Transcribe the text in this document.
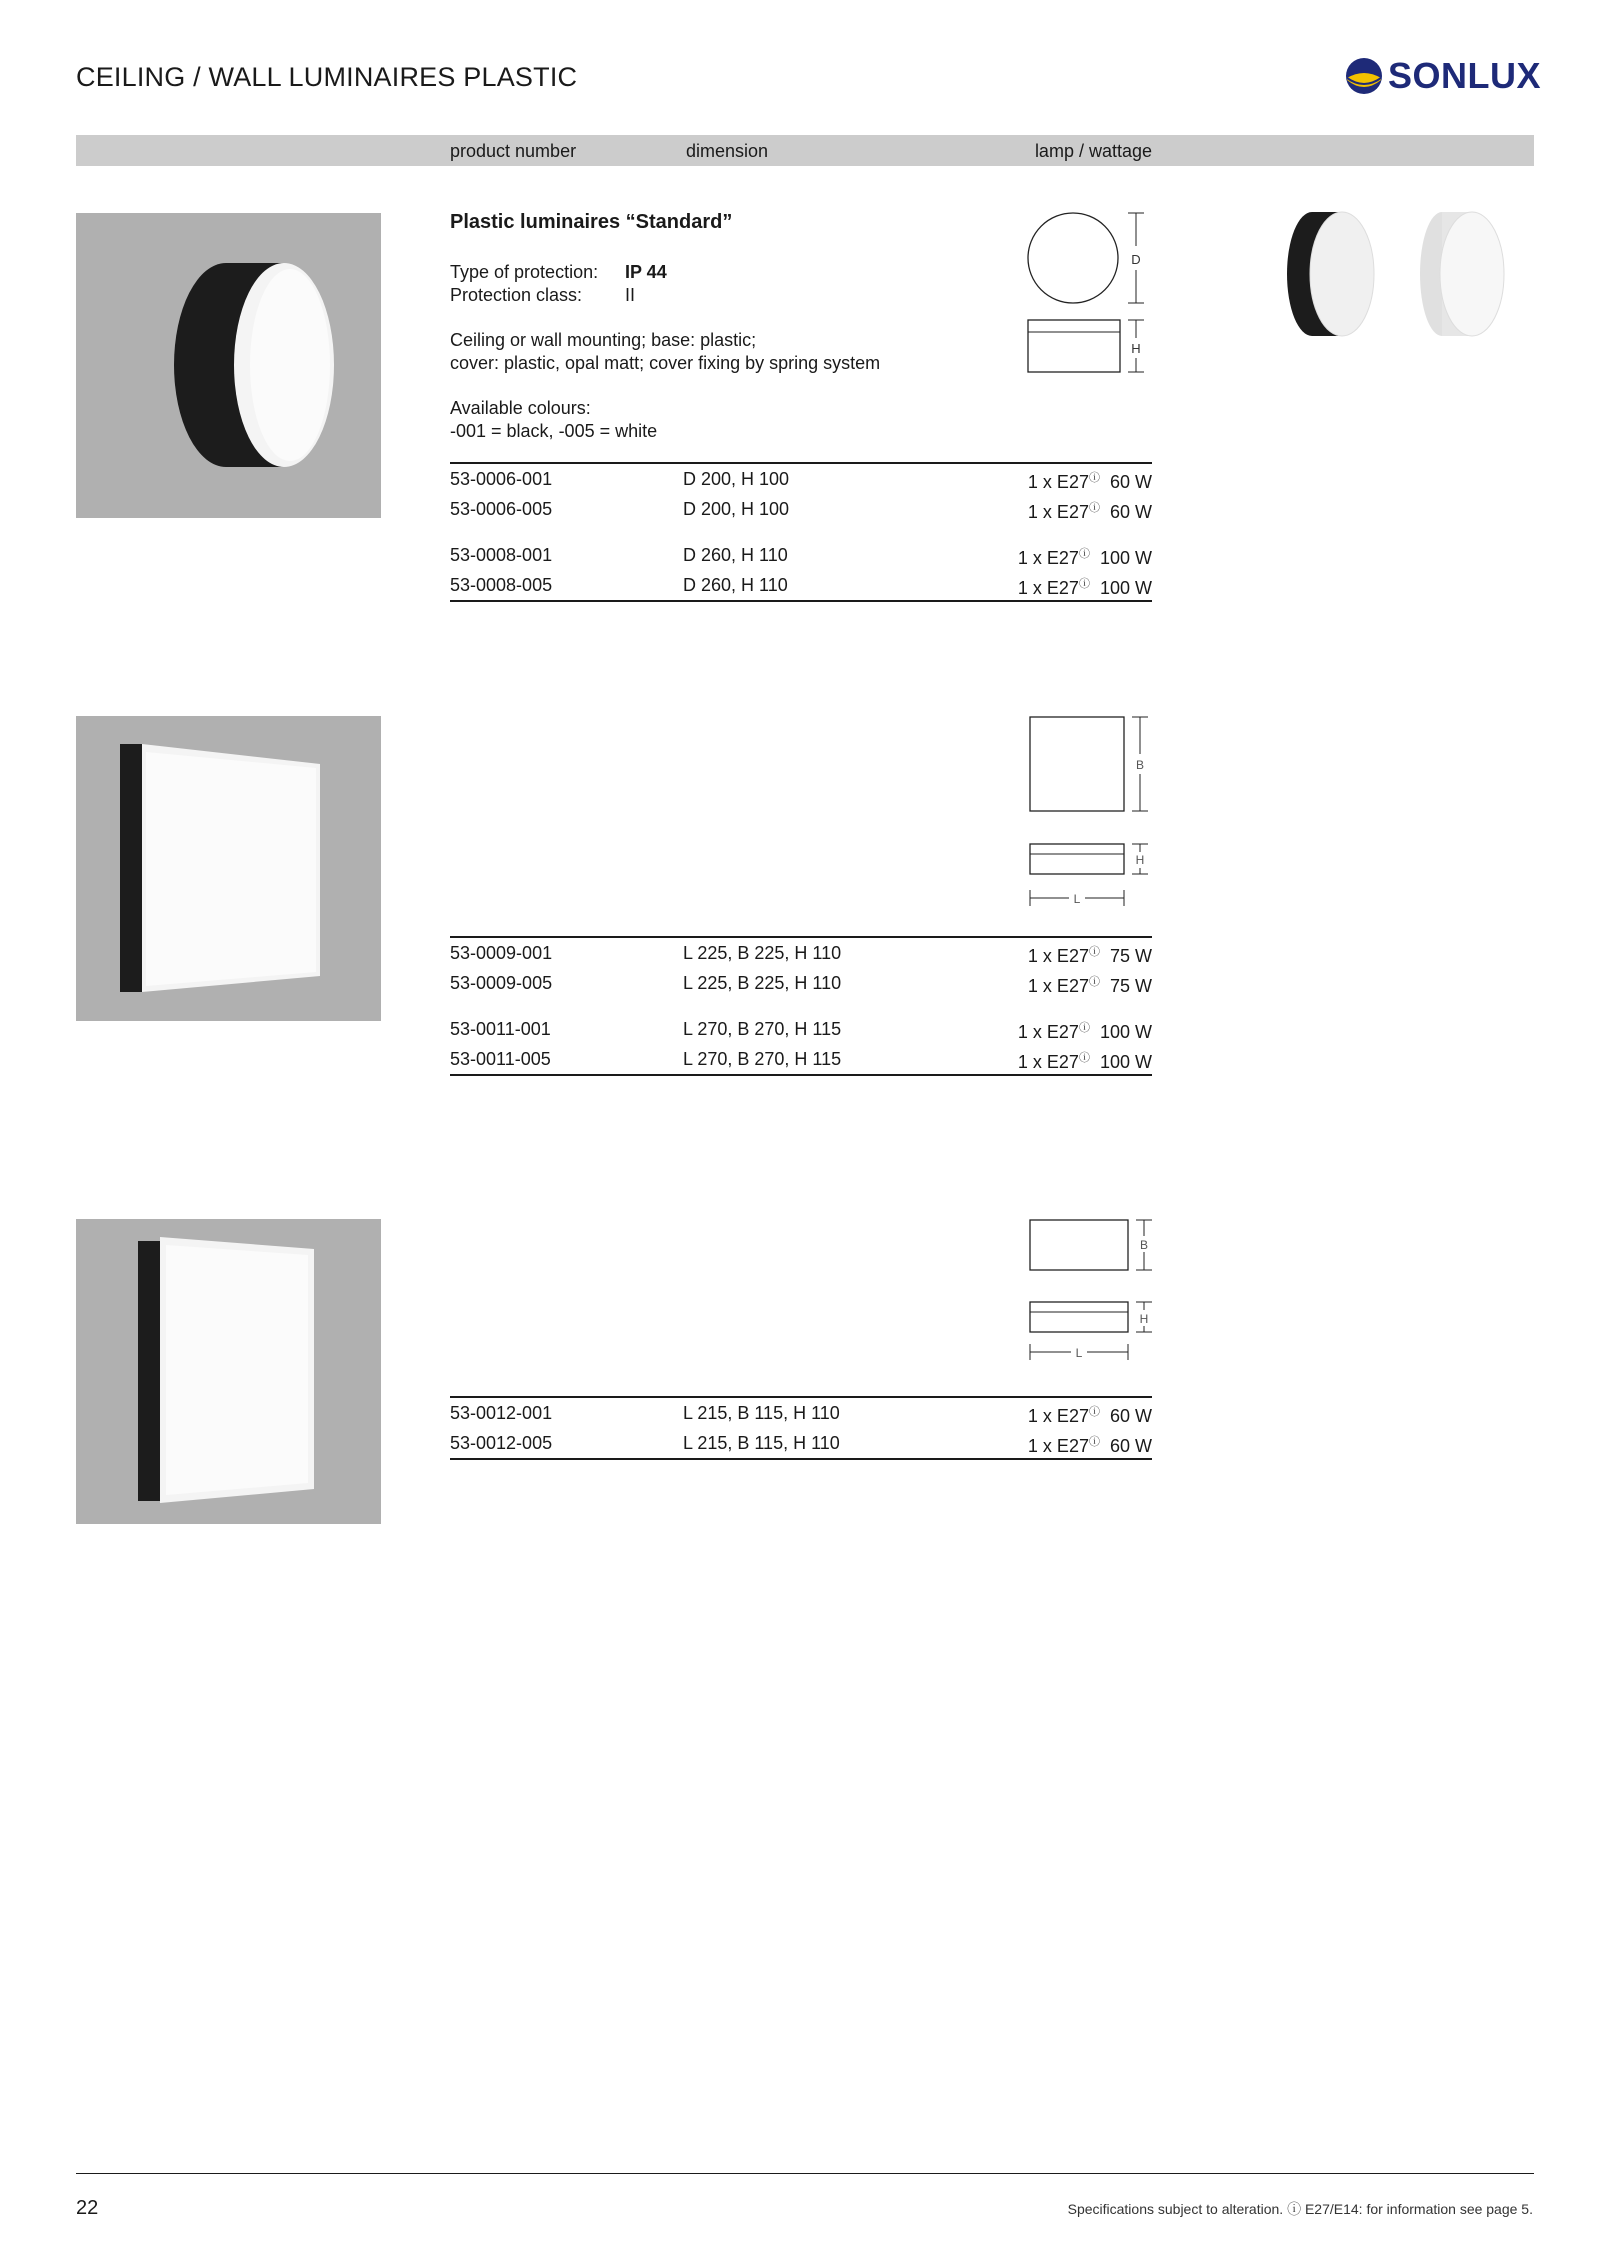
CEILING / WALL LUMINAIRES PLASTIC	SONLUX
product number	dimension	lamp / wattage
Plastic luminaires “Standard”
Type of protection: IP 44
Protection class: II
Ceiling or wall mounting; base: plastic;
cover: plastic, opal matt; cover fixing by spring system
Available colours:
-001 = black, -005 = white
D
H
53-0006-001	D 200, H 100	1 x E27ⓘ 60 W
53-0006-005	D 200, H 100	1 x E27ⓘ 60 W
53-0008-001	D 260, H 110	1 x E27ⓘ 100 W
53-0008-005	D 260, H 110	1 x E27ⓘ 100 W
B
H
L
53-0009-001	L 225, B 225, H 110	1 x E27ⓘ 75 W
53-0009-005	L 225, B 225, H 110	1 x E27ⓘ 75 W
53-0011-001	L 270, B 270, H 115	1 x E27ⓘ 100 W
53-0011-005	L 270, B 270, H 115	1 x E27ⓘ 100 W
B
H
L
53-0012-001	L 215, B 115, H 110	1 x E27ⓘ 60 W
53-0012-005	L 215, B 115, H 110	1 x E27ⓘ 60 W
22	Specifications subject to alteration. ⓘ E27/E14: for information see page 5.
